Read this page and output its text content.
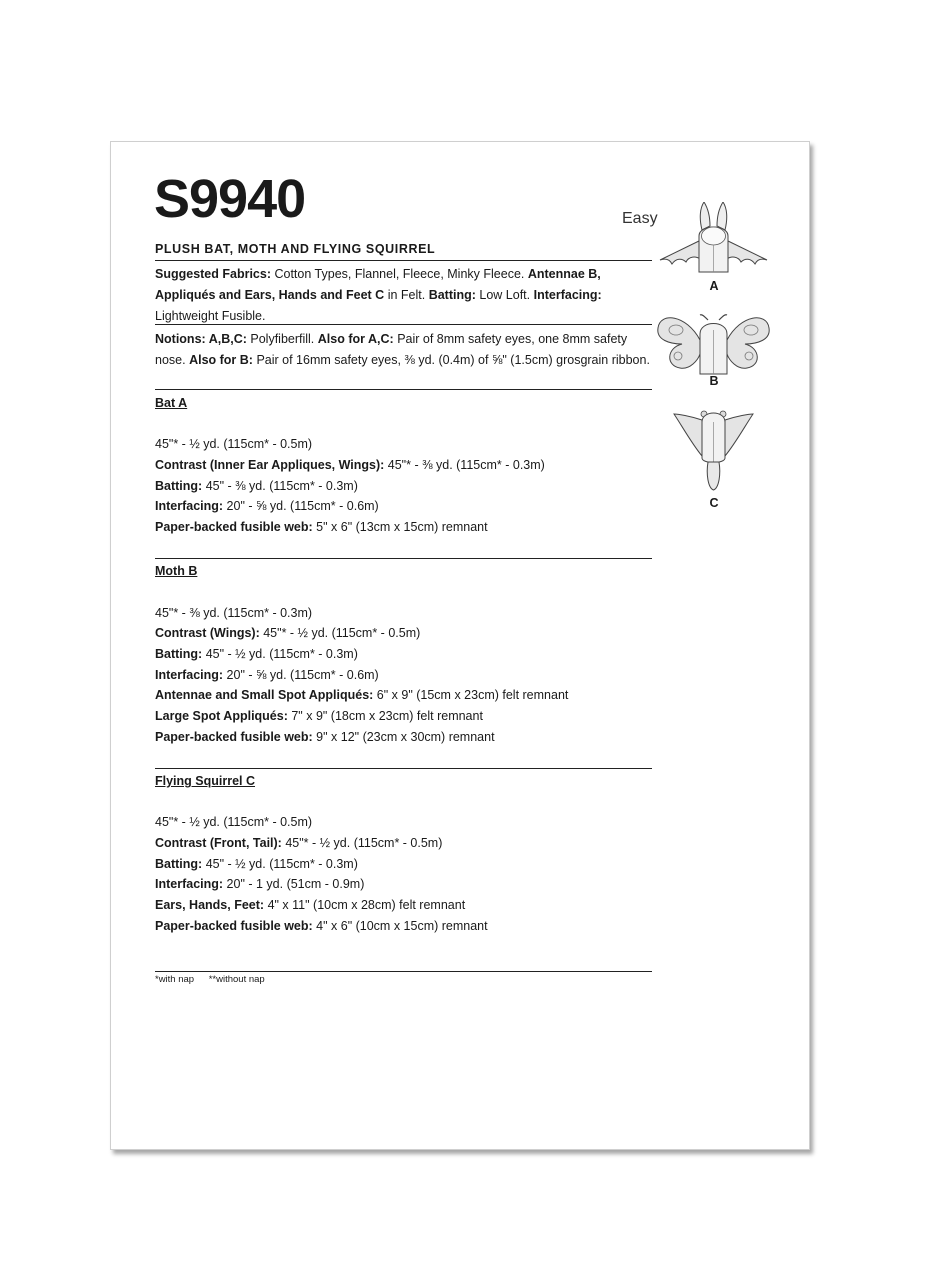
S9940	Easy
PLUSH BAT, MOTH AND FLYING SQUIRREL
Suggested Fabrics: Cotton Types, Flannel, Fleece, Minky Fleece. Antennae B, Appliqués and Ears, Hands and Feet C in Felt. Batting: Low Loft. Interfacing: Lightweight Fusible.
Notions: A,B,C: Polyfiberfill. Also for A,C: Pair of 8mm safety eyes, one 8mm safety nose. Also for B: Pair of 16mm safety eyes, ⅜ yd. (0.4m) of ⅝" (1.5cm) grosgrain ribbon.
Bat A
45"* - ½ yd. (115cm* - 0.5m)
Contrast (Inner Ear Appliques, Wings): 45"* - ⅜ yd. (115cm* - 0.3m)
Batting: 45" - ⅜ yd. (115cm* - 0.3m)
Interfacing: 20" - ⅝ yd. (115cm* - 0.6m)
Paper-backed fusible web: 5" x 6" (13cm x 15cm) remnant
Moth B
45"* - ⅜ yd. (115cm* - 0.3m)
Contrast (Wings): 45"* - ½ yd. (115cm* - 0.5m)
Batting: 45" - ½ yd. (115cm* - 0.3m)
Interfacing: 20" - ⅝ yd. (115cm* - 0.6m)
Antennae and Small Spot Appliqués: 6" x 9" (15cm x 23cm) felt remnant
Large Spot Appliqués: 7" x 9" (18cm x 23cm) felt remnant
Paper-backed fusible web: 9" x 12" (23cm x 30cm) remnant
Flying Squirrel C
45"* - ½ yd. (115cm* - 0.5m)
Contrast (Front, Tail): 45"* - ½ yd. (115cm* - 0.5m)
Batting: 45" - ½ yd. (115cm* - 0.3m)
Interfacing: 20" - 1 yd. (51cm - 0.9m)
Ears, Hands, Feet: 4" x 11" (10cm x 28cm) felt remnant
Paper-backed fusible web: 4" x 6" (10cm x 15cm) remnant
*with nap **without nap
A
B
C
